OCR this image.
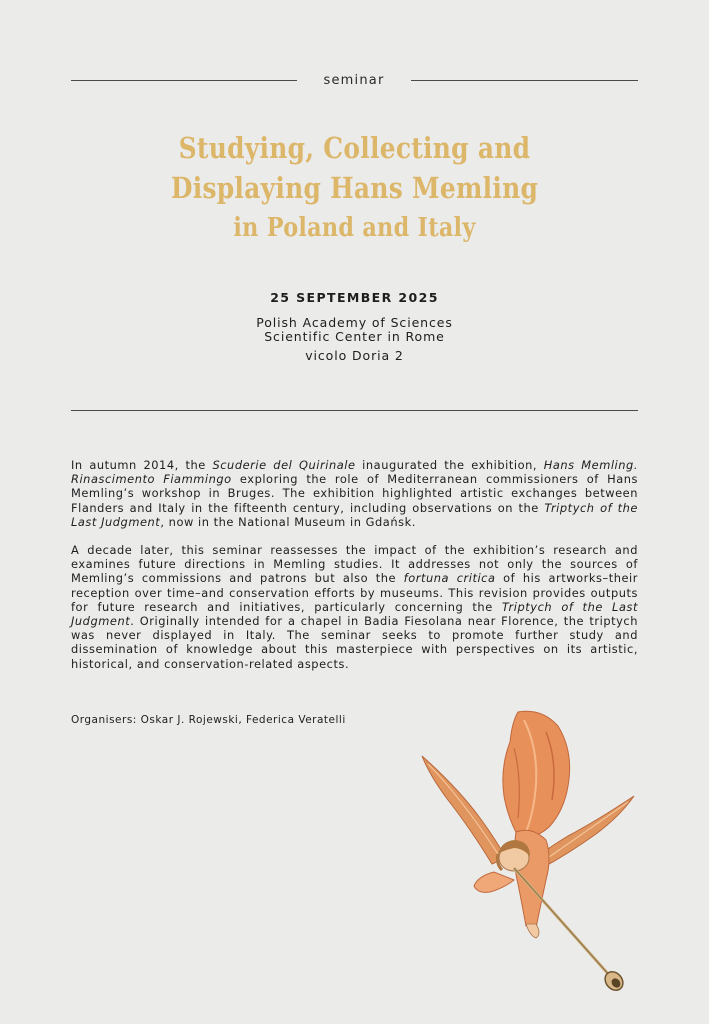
seminar
Studying, Collecting and
Displaying Hans Memling
in Poland and Italy
25 SEPTEMBER 2025
Polish Academy of Sciences
Scientific Center in Rome
vicolo Doria 2

In autumn 2014, the Scuderie del Quirinale inaugurated the exhibition, Hans Memling. Rinascimento Fiammingo exploring the role of Mediterranean commissioners of Hans Memling’s workshop in Bruges. The exhibition highlighted artistic exchanges between Flanders and Italy in the fifteenth century, including observations on the Triptych of the Last Judgment, now in the National Museum in Gdańsk.

A decade later, this seminar reassesses the impact of the exhibition’s research and examines future directions in Memling studies. It addresses not only the sources of Memling’s commissions and patrons but also the fortuna critica of his artworks–their reception over time–and conservation efforts by museums. This revision provides outputs for future research and initiatives, particularly concerning the Triptych of the Last Judgment. Originally intended for a chapel in Badia Fiesolana near Florence, the triptych was never displayed in Italy. The seminar seeks to promote further study and dissemination of knowledge about this masterpiece with perspectives on its artistic, historical, and conservation-related aspects.

Organisers: Oskar J. Rojewski, Federica Veratelli
